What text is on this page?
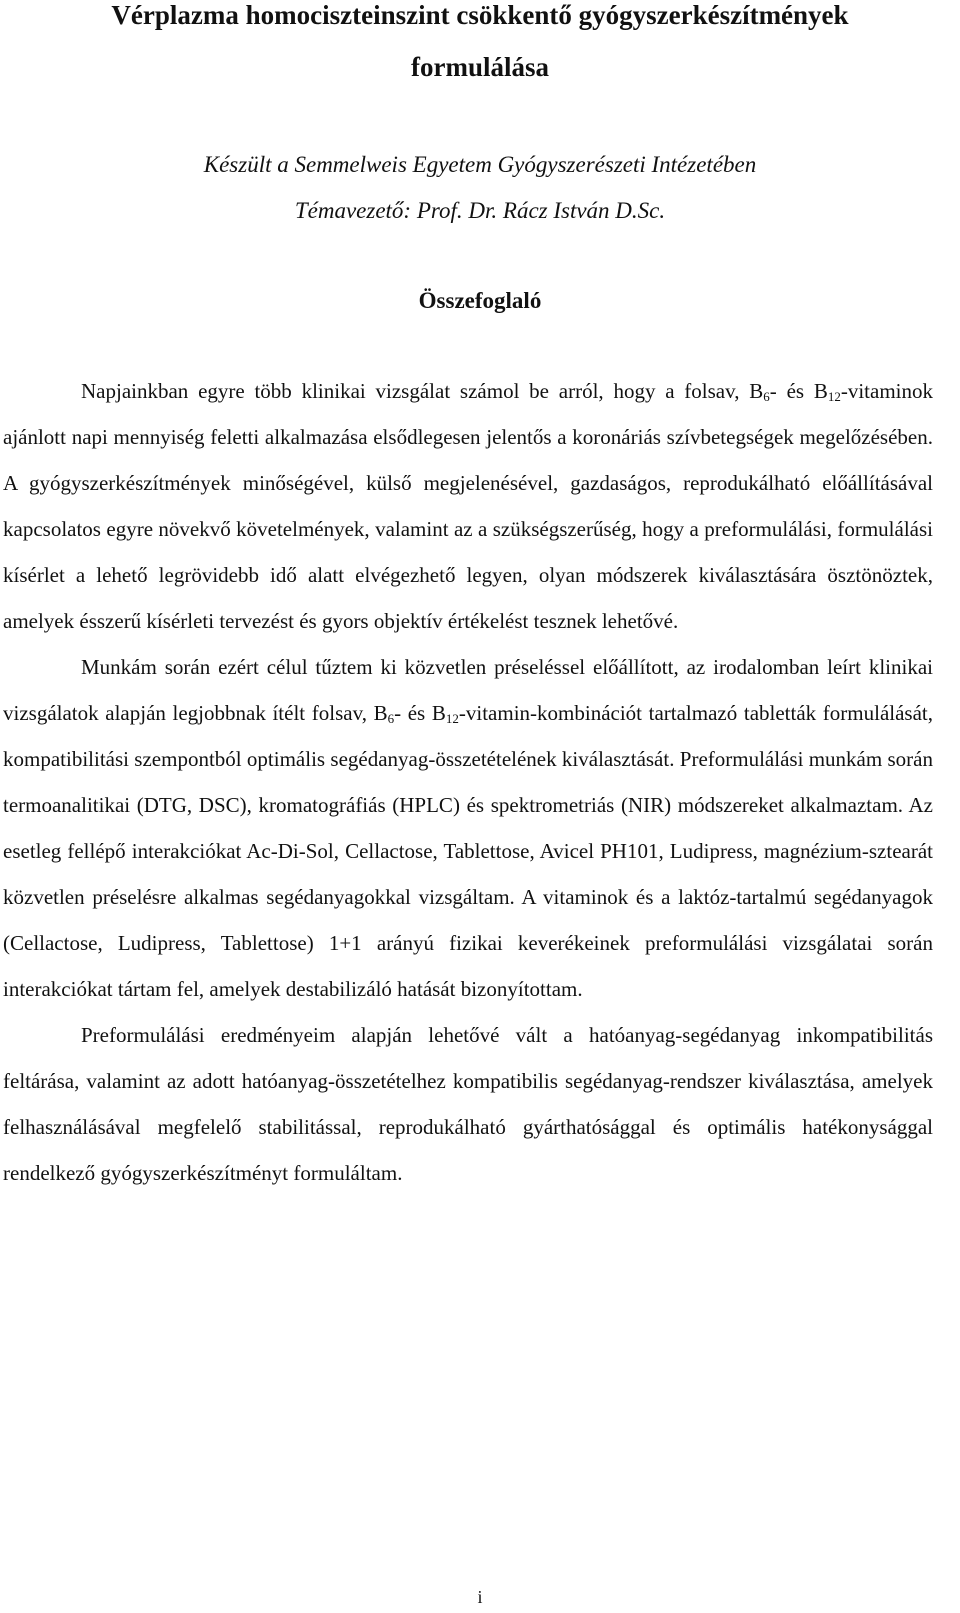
Vérplazma homociszteinszint csökkentő gyógyszerkészítmények
formulálása
Készült a Semmelweis Egyetem Gyógyszerészeti Intézetében
Témavezető: Prof. Dr. Rácz István D.Sc.
Összefoglaló

Napjainkban egyre több klinikai vizsgálat számol be arról, hogy a folsav, $B_6-$ és $B_{12}$-vitaminok ajánlott napi mennyiség feletti alkalmazása elsődlegesen jelentős a koronáriás szívbetegségek megelőzésében. A gyógyszerkészítmények minőségével, külső megjelenésével, gazdaságos, reprodukálható előállításával kapcsolatos egyre növekvő követelmények, valamint az a szükségszerűség, hogy a preformulálási, formulálási kísérlet a lehető legrövidebb idő alatt elvégezhető legyen, olyan módszerek kiválasztására ösztönöztek, amelyek ésszerű kísérleti tervezést és gyors objektív értékelést tesznek lehetővé.

Munkám során ezért célul tűztem ki közvetlen préseléssel előállított, az irodalomban leírt klinikai vizsgálatok alapján legjobbnak ítélt folsav, $B_6-$ és $B_{12}-vitamin$-kombinációt tartalmazó tabletták formulálását, kompatibilitási szempontból optimális segédanyag-összetételének kiválasztását. Preformulálási munkám során termoanalitikai (DTG, DSC), kromatográfiás (HPLC) és spektrometriás (NIR) módszereket alkalmaztam. Az esetleg fellépő interakciókat Ac-Di-Sol, Cellactose, Tablettose, Avicel PH101, Ludipress, magnézium-sztearát közvetlen préselésre alkalmas segédanyagokkal vizsgáltam. A vitaminok és a laktóz-tartalmú segédanyagok (Cellactose, Ludipress, Tablettose) 1+1 arányú fizikai keverékeinek preformulálási vizsgálatai során interakciókat tártam fel, amelyek destabilizáló hatását bizonyítottam.

Preformulálási eredményeim alapján lehetővé vált a hatóanyag-segédanyag inkompatibilitás feltárása, valamint az adott hatóanyag-összetételhez kompatibilis segédanyag-rendszer kiválasztása, amelyek felhasználásával megfelelő stabilitással, reprodukálható gyárthatósággal és optimális hatékonysággal rendelkező gyógyszerkészítményt formuláltam.

i
